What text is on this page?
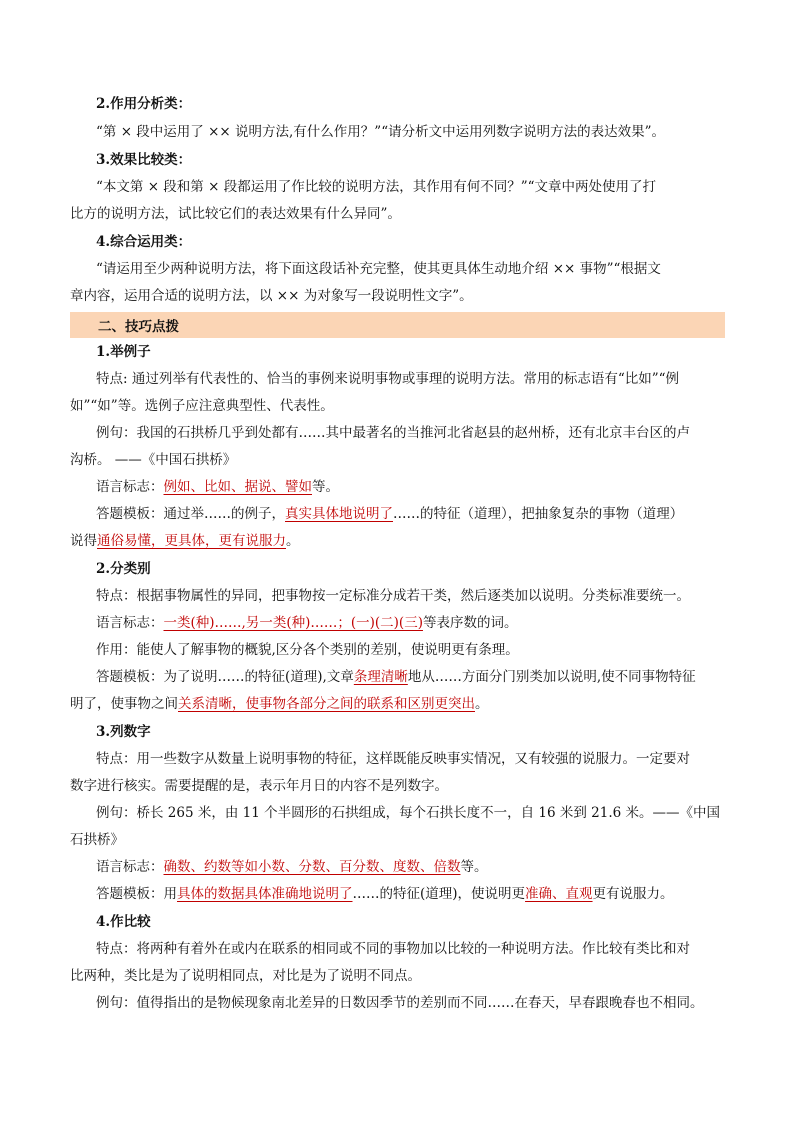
2.作用分析类：
“第 × 段中运用了 ×× 说明方法,有什么作用？”“请分析文中运用列数字说明方法的表达效果”。
3.效果比较类：
“本文第 × 段和第 × 段都运用了作比较的说明方法，其作用有何不同？”“文章中两处使用了打
比方的说明方法，试比较它们的表达效果有什么异同”。
4.综合运用类：
“请运用至少两种说明方法，将下面这段话补充完整，使其更具体生动地介绍 ×× 事物”“根据文
章内容，运用合适的说明方法，以 ×× 为对象写一段说明性文字”。
二、技巧点拨
1.举例子
特点: 通过列举有代表性的、恰当的事例来说明事物或事理的说明方法。常用的标志语有“比如”“例
如”“如”等。选例子应注意典型性、代表性。
例句：我国的石拱桥几乎到处都有……其中最著名的当推河北省赵县的赵州桥，还有北京丰台区的卢
沟桥。 ——《中国石拱桥》
语言标志：例如、比如、据说、譬如等。
答题模板：通过举……的例子，真实具体地说明了……的特征（道理），把抽象复杂的事物（道理）
说得通俗易懂，更具体，更有说服力。
2.分类别
特点：根据事物属性的异同，把事物按一定标准分成若干类，然后逐类加以说明。分类标准要统一。
语言标志：一类(种)……,另一类(种)……；(一)(二)(三)等表序数的词。
作用：能使人了解事物的概貌,区分各个类别的差别，使说明更有条理。
答题模板：为了说明……的特征(道理),文章条理清晰地从……方面分门别类加以说明,使不同事物特征
明了，使事物之间关系清晰，使事物各部分之间的联系和区别更突出。
3.列数字
特点：用一些数字从数量上说明事物的特征，这样既能反映事实情况，又有较强的说服力。一定要对
数字进行核实。需要提醒的是，表示年月日的内容不是列数字。
例句：桥长 265 米，由 11 个半圆形的石拱组成，每个石拱长度不一，自 16 米到 21.6 米。——《中国
石拱桥》
语言标志：确数、约数等如小数、分数、百分数、度数、倍数等。
答题模板：用具体的数据具体准确地说明了……的特征(道理)，使说明更准确、直观更有说服力。
4.作比较
特点：将两种有着外在或内在联系的相同或不同的事物加以比较的一种说明方法。作比较有类比和对
比两种，类比是为了说明相同点，对比是为了说明不同点。
例句：值得指出的是物候现象南北差异的日数因季节的差别而不同……在春天，早春跟晚春也不相同。
